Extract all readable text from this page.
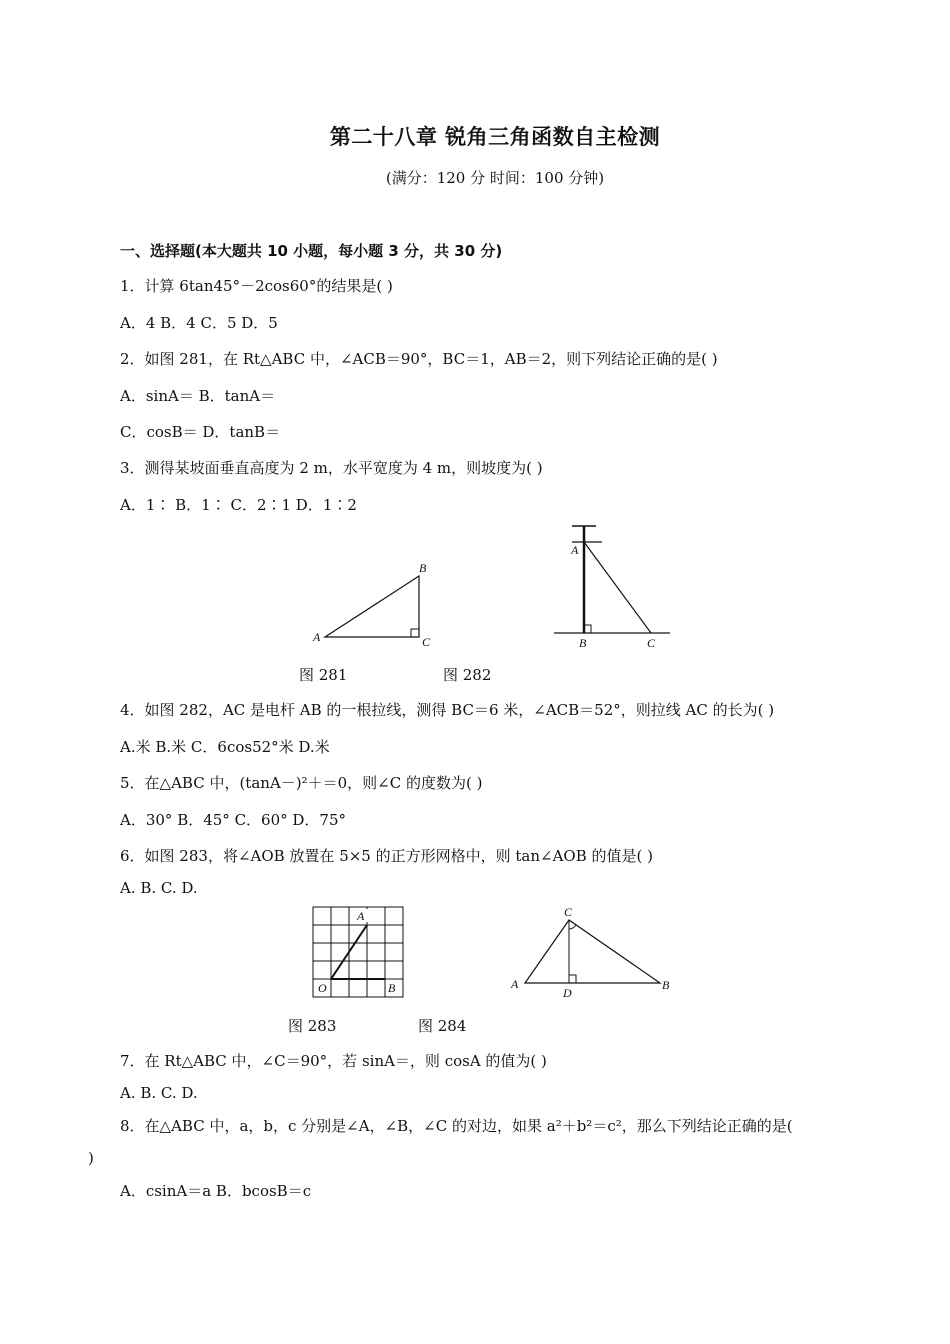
第二十八章 锐角三角函数自主检测
(满分：120 分 时间：100 分钟)
一、选择题(本大题共 10 小题，每小题 3 分，共 30 分)
1．计算 6tan45°－2cos60°的结果是( )
A．4 B．4 C．5 D．5
2．如图 281，在 Rt△ABC 中，∠ACB＝90°，BC＝1，AB＝2，则下列结论正确的是( )
A．sinA＝ B．tanA＝
C．cosB＝ D．tanB＝
3．测得某坡面垂直高度为 2 m，水平宽度为 4 m，则坡度为( )
A．1∶ B．1∶ C．2∶1 D．1∶2
A
B
C
A
B	C
图 281	图 282
4．如图 282，AC 是电杆 AB 的一根拉线，测得 BC＝6 米，∠ACB＝52°，则拉线 AC 的长为( )
A.米 B.米 C．6cos52°米 D.米
5．在△ABC 中，(tanA－)²＋＝0，则∠C 的度数为( )
A．30° B．45° C．60° D．75°
6．如图 283，将∠AOB 放置在 5×5 的正方形网格中，则 tan∠AOB 的值是( )
A. B. C. D.
A
O	B
C
A
D
B
图 283	图 284
7．在 Rt△ABC 中，∠C＝90°，若 sinA＝，则 cosA 的值为( )
A. B. C. D.
8．在△ABC 中，a，b，c 分别是∠A，∠B，∠C 的对边，如果 a²＋b²＝c²，那么下列结论正确的是(
)
A．csinA＝a B．bcosB＝c
